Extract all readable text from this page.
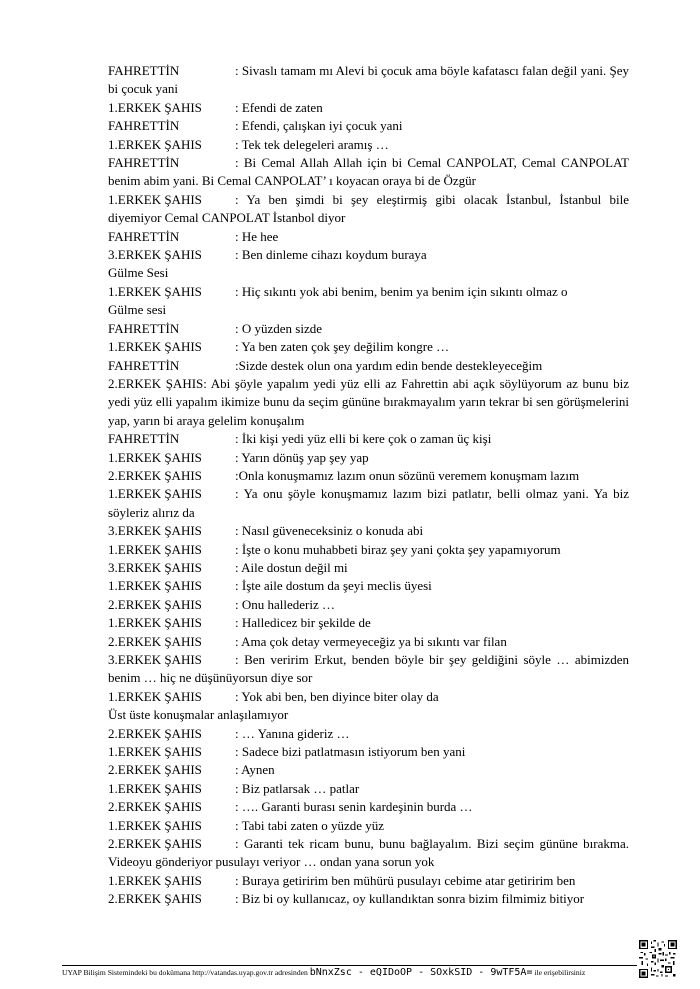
FAHRETTİN	: Sivaslı tamam mı Alevi bi çocuk ama böyle kafatascı falan değil yani. Şey bi çocuk yani
1.ERKEK ŞAHIS	: Efendi de zaten
FAHRETTİN	: Efendi, çalışkan iyi çocuk yani
1.ERKEK ŞAHIS	: Tek tek delegeleri aramış …
FAHRETTİN	: Bi Cemal Allah Allah için bi Cemal CANPOLAT, Cemal CANPOLAT benim abim yani. Bi Cemal CANPOLAT’ ı koyacan oraya bi de Özgür
1.ERKEK ŞAHIS	: Ya ben şimdi bi şey eleştirmiş gibi olacak İstanbul, İstanbul bile diyemiyor Cemal CANPOLAT İstanbol diyor
FAHRETTİN	: He hee
3.ERKEK ŞAHIS	: Ben dinleme cihazı koydum buraya
Gülme Sesi
1.ERKEK ŞAHIS	: Hiç sıkıntı yok abi benim, benim ya benim için sıkıntı olmaz o
Gülme sesi
FAHRETTİN	: O yüzden sizde
1.ERKEK ŞAHIS	: Ya ben zaten çok şey değilim kongre …
FAHRETTİN	:Sizde destek olun ona yardım edin bende destekleyeceğim
2.ERKEK ŞAHIS: Abi şöyle yapalım yedi yüz elli az Fahrettin abi açık söylüyorum az bunu biz yedi yüz elli yapalım ikimize bunu da seçim gününe bırakmayalım yarın tekrar bi sen görüşmelerini yap, yarın bi araya gelelim konuşalım
FAHRETTİN	: İki kişi yedi yüz elli bi kere çok o zaman üç kişi
1.ERKEK ŞAHIS	: Yarın dönüş yap şey yap
2.ERKEK ŞAHIS	:Onla konuşmamız lazım onun sözünü veremem konuşmam lazım
1.ERKEK ŞAHIS	: Ya onu şöyle konuşmamız lazım bizi patlatır, belli olmaz yani. Ya biz söyleriz alırız da
3.ERKEK ŞAHIS	: Nasıl güveneceksiniz o konuda abi
1.ERKEK ŞAHIS	: İşte o konu muhabbeti biraz şey yani çokta şey yapamıyorum
3.ERKEK ŞAHIS	: Aile dostun değil mi
1.ERKEK ŞAHIS	: İşte aile dostum da şeyi meclis üyesi
2.ERKEK ŞAHIS	: Onu hallederiz …
1.ERKEK ŞAHIS	: Halledicez bir şekilde de
2.ERKEK ŞAHIS	: Ama çok detay vermeyeceğiz ya bi sıkıntı var filan
3.ERKEK ŞAHIS	: Ben veririm Erkut, benden böyle bir şey geldiğini söyle … abimizden benim … hiç ne düşünüyorsun diye sor
1.ERKEK ŞAHIS	: Yok abi ben, ben diyince biter olay da
Üst üste konuşmalar anlaşılamıyor
2.ERKEK ŞAHIS	: … Yanına gideriz …
1.ERKEK ŞAHIS	: Sadece bizi patlatmasın istiyorum ben yani
2.ERKEK ŞAHIS	: Aynen
1.ERKEK ŞAHIS	: Biz patlarsak … patlar
2.ERKEK ŞAHIS	: …. Garanti burası senin kardeşinin burda …
1.ERKEK ŞAHIS	: Tabi tabi zaten o yüzde yüz
2.ERKEK ŞAHIS	: Garanti tek ricam bunu, bunu bağlayalım. Bizi seçim gününe bırakma. Videoyu gönderiyor pusulayı veriyor … ondan yana sorun yok
1.ERKEK ŞAHIS	: Buraya getiririm ben mühürü pusulayı cebime atar getiririm ben
2.ERKEK ŞAHIS	: Biz bi oy kullanıcaz, oy kullandıktan sonra bizim filmimiz bitiyor
UYAP Bilişim Sistemindeki bu dokümana http://vatandas.uyap.gov.tr adresinden bNnxZsc - eQIDoOP - SOxkSID - 9wTF5A= ile erişebilirsiniz
